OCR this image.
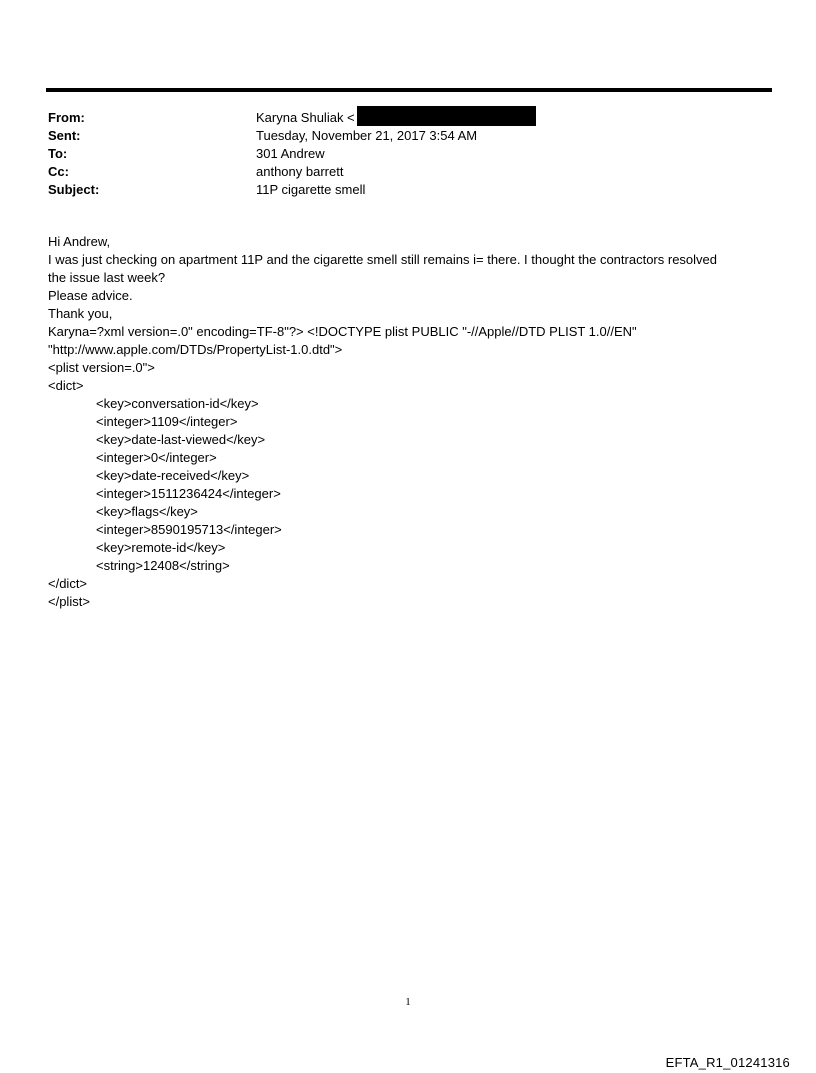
From:	Karyna Shuliak <
Sent:	Tuesday, November 21, 2017 3:54 AM
To:	301 Andrew
Cc:	anthony barrett
Subject:	11P cigarette smell
Hi Andrew,
I was just checking on apartment 11P and the cigarette smell still remains i= there. I thought the contractors resolved
the issue last week?
Please advice.
Thank you,
Karyna=?xml version=.0" encoding=TF-8"?> <!DOCTYPE plist PUBLIC "-//Apple//DTD PLIST 1.0//EN"
"http://www.apple.com/DTDs/PropertyList-1.0.dtd">
<plist version=.0">
<dict>
<key>conversation-id</key>
<integer>1109</integer>
<key>date-last-viewed</key>
<integer>0</integer>
<key>date-received</key>
<integer>1511236424</integer>
<key>flags</key>
<integer>8590195713</integer>
<key>remote-id</key>
<string>12408</string>
</dict>
</plist>
1
EFTA_R1_01241316
